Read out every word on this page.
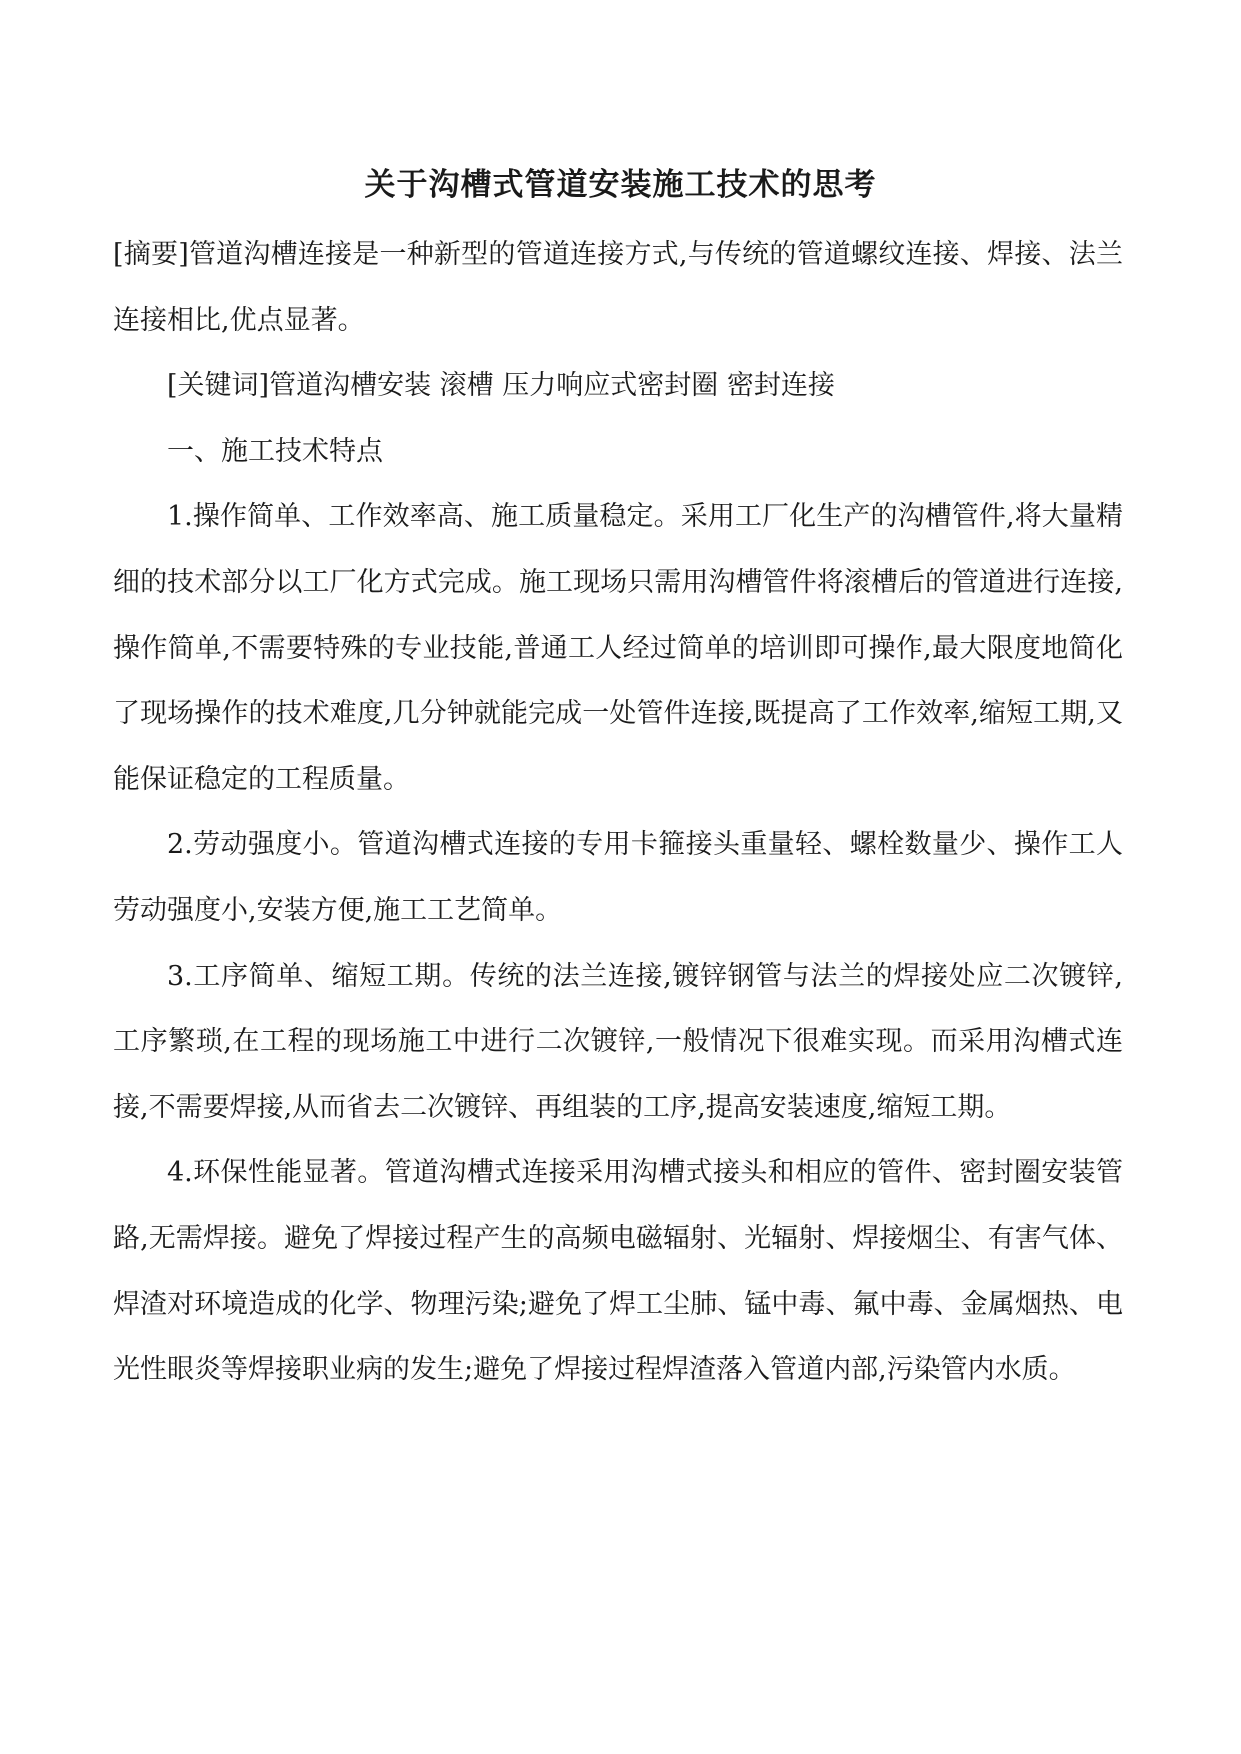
关于沟槽式管道安装施工技术的思考

[摘要]管道沟槽连接是一种新型的管道连接方式,与传统的管道螺纹连接、焊接、法兰连接相比,优点显著。

[关键词]管道沟槽安装 滚槽 压力响应式密封圈 密封连接

一、施工技术特点

1.操作简单、工作效率高、施工质量稳定。采用工厂化生产的沟槽管件,将大量精细的技术部分以工厂化方式完成。施工现场只需用沟槽管件将滚槽后的管道进行连接,操作简单,不需要特殊的专业技能,普通工人经过简单的培训即可操作,最大限度地简化了现场操作的技术难度,几分钟就能完成一处管件连接,既提高了工作效率,缩短工期,又能保证稳定的工程质量。

2.劳动强度小。管道沟槽式连接的专用卡箍接头重量轻、螺栓数量少、操作工人劳动强度小,安装方便,施工工艺简单。

3.工序简单、缩短工期。传统的法兰连接,镀锌钢管与法兰的焊接处应二次镀锌,工序繁琐,在工程的现场施工中进行二次镀锌,一般情况下很难实现。而采用沟槽式连接,不需要焊接,从而省去二次镀锌、再组装的工序,提高安装速度,缩短工期。

4.环保性能显著。管道沟槽式连接采用沟槽式接头和相应的管件、密封圈安装管路,无需焊接。避免了焊接过程产生的高频电磁辐射、光辐射、焊接烟尘、有害气体、焊渣对环境造成的化学、物理污染;避免了焊工尘肺、锰中毒、氟中毒、金属烟热、电光性眼炎等焊接职业病的发生;避免了焊接过程焊渣落入管道内部,污染管内水质。
